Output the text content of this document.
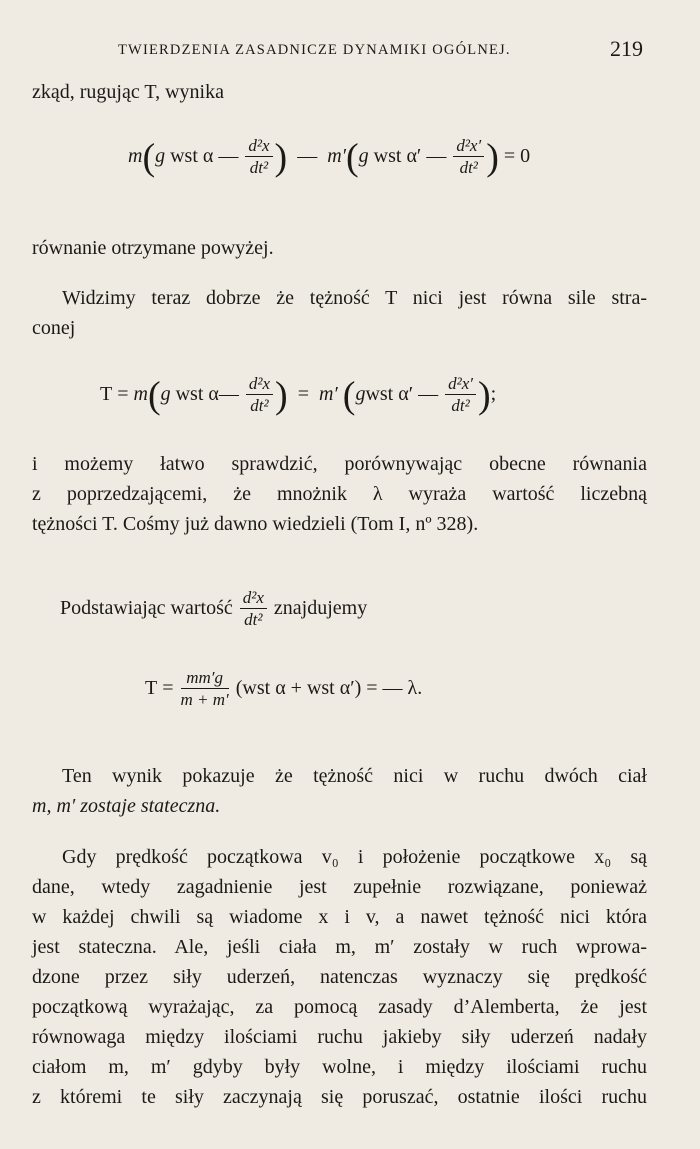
TWIERDZENIA ZASADNICZE DYNAMIKI OGÓLNEJ.	219
zkąd, rugując T, wynika
m(g wst α — $\frac{\text{d²x}}{\text{dt²}}$ ) — m′(g wst α′ — $\frac{\text{d²x′}}{\text{dt²}}$ ) = 0
równanie otrzymane powyżej.
Widzimy teraz dobrze że tężność T nici jest równa sile stra-
conej
T = m(g wst α— $\frac{\text{d²x}}{\text{dt²}}$ ) = m′ (gwst α′ — $\frac{\text{d²x′}}{\text{dt²}}$ );
i możemy łatwo sprawdzić, porównywając obecne równania
z poprzedzającemi, że mnożnik λ wyraża wartość liczebną
tężności T. Cośmy już dawno wiedzieli (Tom I, nº 328).
Podstawiając wartość $\frac{\text{d²x}}{\text{dt²}}$ znajdujemy
$T = \frac{mm'g}{m + m'} (wst$ α + wst α′) = — λ.
Ten wynik pokazuje że tężność nici w ruchu dwóch ciał
m, m′ zostaje stateczna.
Gdy prędkość początkowa v₀ i położenie początkowe x₀ są
dane, wtedy zagadnienie jest zupełnie rozwiązane, ponieważ
w każdej chwili są wiadome x i v, a nawet tężność nici która
jest stateczna. Ale, jeśli ciała m, m′ zostały w ruch wprowa-
dzone przez siły uderzeń, natenczas wyznaczy się prędkość
początkową wyrażając, za pomocą zasady d’Alemberta, że jest
równowaga między ilościami ruchu jakieby siły uderzeń nadały
ciałom m, m′ gdyby były wolne, i między ilościami ruchu
z któremi te siły zaczynają się poruszać, ostatnie ilości ruchu
